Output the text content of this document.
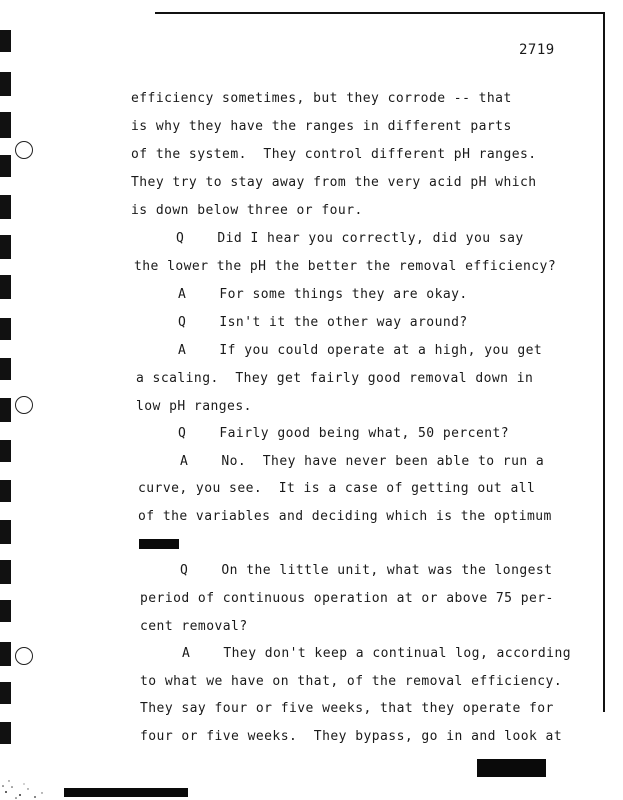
2719
efficiency sometimes, but they corrode -- that
is why they have the ranges in different parts
of the system.  They control different pH ranges.
They try to stay away from the very acid pH which
is down below three or four.
Q    Did I hear you correctly, did you say
the lower the pH the better the removal efficiency?
A    For some things they are okay.
Q    Isn't it the other way around?
A    If you could operate at a high, you get
a scaling.  They get fairly good removal down in
low pH ranges.
Q    Fairly good being what, 50 percent?
A    No.  They have never been able to run a
curve, you see.  It is a case of getting out all
of the variables and deciding which is the optimum
Q    On the little unit, what was the longest
period of continuous operation at or above 75 per-
cent removal?
A    They don't keep a continual log, according
to what we have on that, of the removal efficiency.
They say four or five weeks, that they operate for
four or five weeks.  They bypass, go in and look at
